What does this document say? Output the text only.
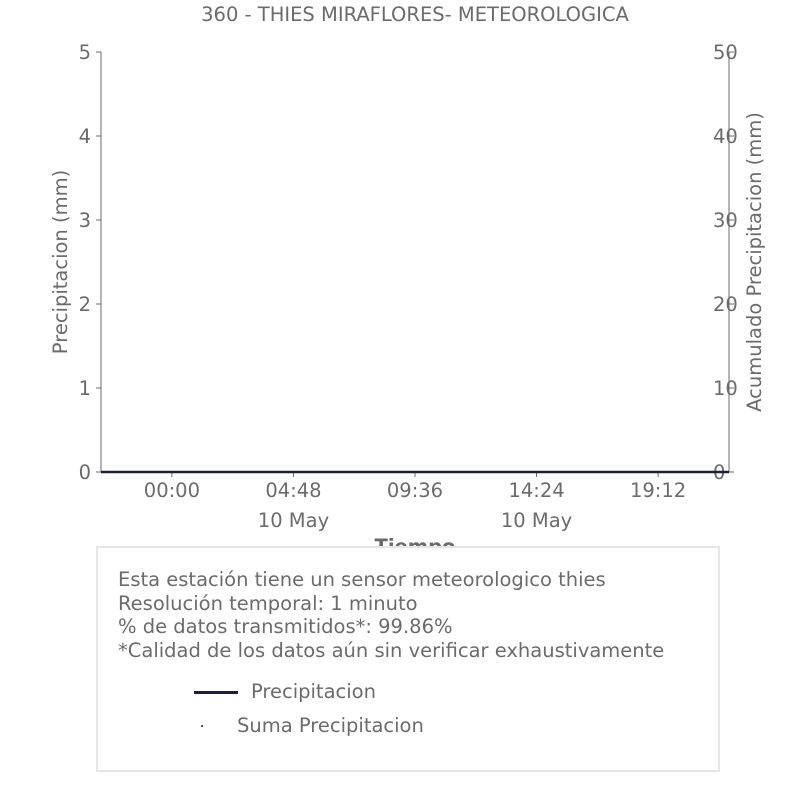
360 - THIES MIRAFLORES- METEOROLOGICA
0
1
2
3
4
5
0
10
20
30
40
50
00:00	04:48	09:36	14:24	19:12
10 May	10 May
Precipitacion (mm)	Acumulado Precipitacion (mm)
Esta estación tiene un sensor meteorologico thies
Resolución temporal: 1 minuto
% de datos transmitidos*: 99.86%
*Calidad de los datos aún sin verificar exhaustivamente
Precipitacion
Suma Precipitacion
